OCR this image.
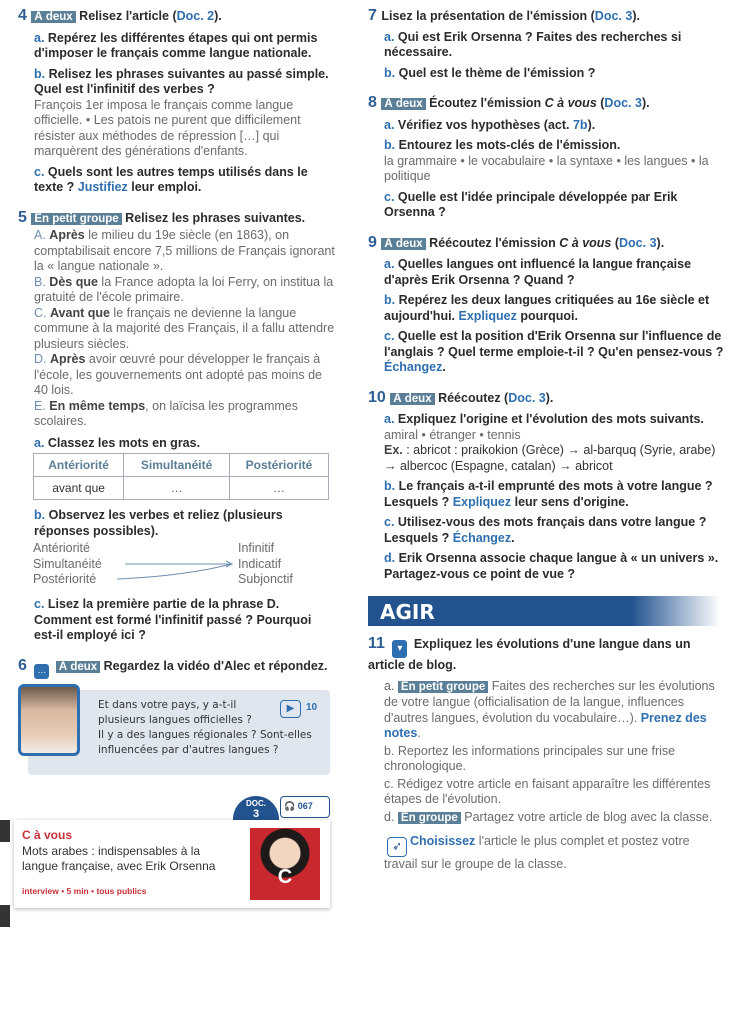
4 À deux Relisez l'article (Doc. 2).
a. Repérez les différentes étapes qui ont permis d'imposer le français comme langue nationale.
b. Relisez les phrases suivantes au passé simple. Quel est l'infinitif des verbes ?
François 1er imposa le français comme langue officielle. • Les patois ne purent que difficilement résister aux méthodes de répression […] qui marquèrent des générations d'enfants.
c. Quels sont les autres temps utilisés dans le texte ? Justifiez leur emploi.
5 En petit groupe Relisez les phrases suivantes.
A. Après le milieu du 19e siècle (en 1863), on comptabilisait encore 7,5 millions de Français ignorant la « langue nationale ».
B. Dès que la France adopta la loi Ferry, on institua la gratuité de l'école primaire.
C. Avant que le français ne devienne la langue commune à la majorité des Français, il a fallu attendre plusieurs siècles.
D. Après avoir œuvré pour développer le français à l'école, les gouvernements ont adopté pas moins de 40 lois.
E. En même temps, on laïcisa les programmes scolaires.
a. Classez les mots en gras.
Antériorité	Simultanéité	Postériorité
avant que	…	…
b. Observez les verbes et reliez (plusieurs réponses possibles).
Antériorité
Simultanéité
Postériorité
Infinitif
Indicatif
Subjonctif
c. Lisez la première partie de la phrase D. Comment est formé l'infinitif passé ? Pourquoi est-il employé ici ?
6 … À deux Regardez la vidéo d'Alec et répondez.
Et dans votre pays, y a-t-il
plusieurs langues officielles ?
Il y a des langues régionales ? Sont-elles
influencées par d'autres langues ?
▶	10
DOC.
3
🎧 067
C à vous
Mots arabes : indispensables à la langue française, avec Erik Orsenna
interview • 5 min • tous publics
C
7 Lisez la présentation de l'émission (Doc. 3).
a. Qui est Erik Orsenna ? Faites des recherches si nécessaire.
b. Quel est le thème de l'émission ?
8 À deux Écoutez l'émission C à vous (Doc. 3).
a. Vérifiez vos hypothèses (act. 7b).
b. Entourez les mots-clés de l'émission.
la grammaire • le vocabulaire • la syntaxe • les langues • la politique
c. Quelle est l'idée principale développée par Erik Orsenna ?
9 À deux Réécoutez l'émission C à vous (Doc. 3).
a. Quelles langues ont influencé la langue française d'après Erik Orsenna ? Quand ?
b. Repérez les deux langues critiquées au 16e siècle et aujourd'hui. Expliquez pourquoi.
c. Quelle est la position d'Erik Orsenna sur l'influence de l'anglais ? Quel terme emploie-t-il ? Qu'en pensez-vous ? Échangez.
10 À deux Réécoutez (Doc. 3).
a. Expliquez l'origine et l'évolution des mots suivants.
amiral • étranger • tennis
Ex. : abricot : praikokion (Grèce) → al-barquq (Syrie, arabe) → albercoc (Espagne, catalan) → abricot
b. Le français a-t-il emprunté des mots à votre langue ? Lesquels ? Expliquez leur sens d'origine.
c. Utilisez-vous des mots français dans votre langue ? Lesquels ? Échangez.
d. Erik Orsenna associe chaque langue à « un univers ». Partagez-vous ce point de vue ?
AGIR
11 ▾ Expliquez les évolutions d'une langue dans un article de blog.
a. En petit groupe Faites des recherches sur les évolutions de votre langue (officialisation de la langue, influences d'autres langues, évolution du vocabulaire…). Prenez des notes.
b. Reportez les informations principales sur une frise chronologique.
c. Rédigez votre article en faisant apparaître les différentes étapes de l'évolution.
d. En groupe Partagez votre article de blog avec la classe.
➶ Choisissez l'article le plus complet et postez votre travail sur le groupe de la classe.
